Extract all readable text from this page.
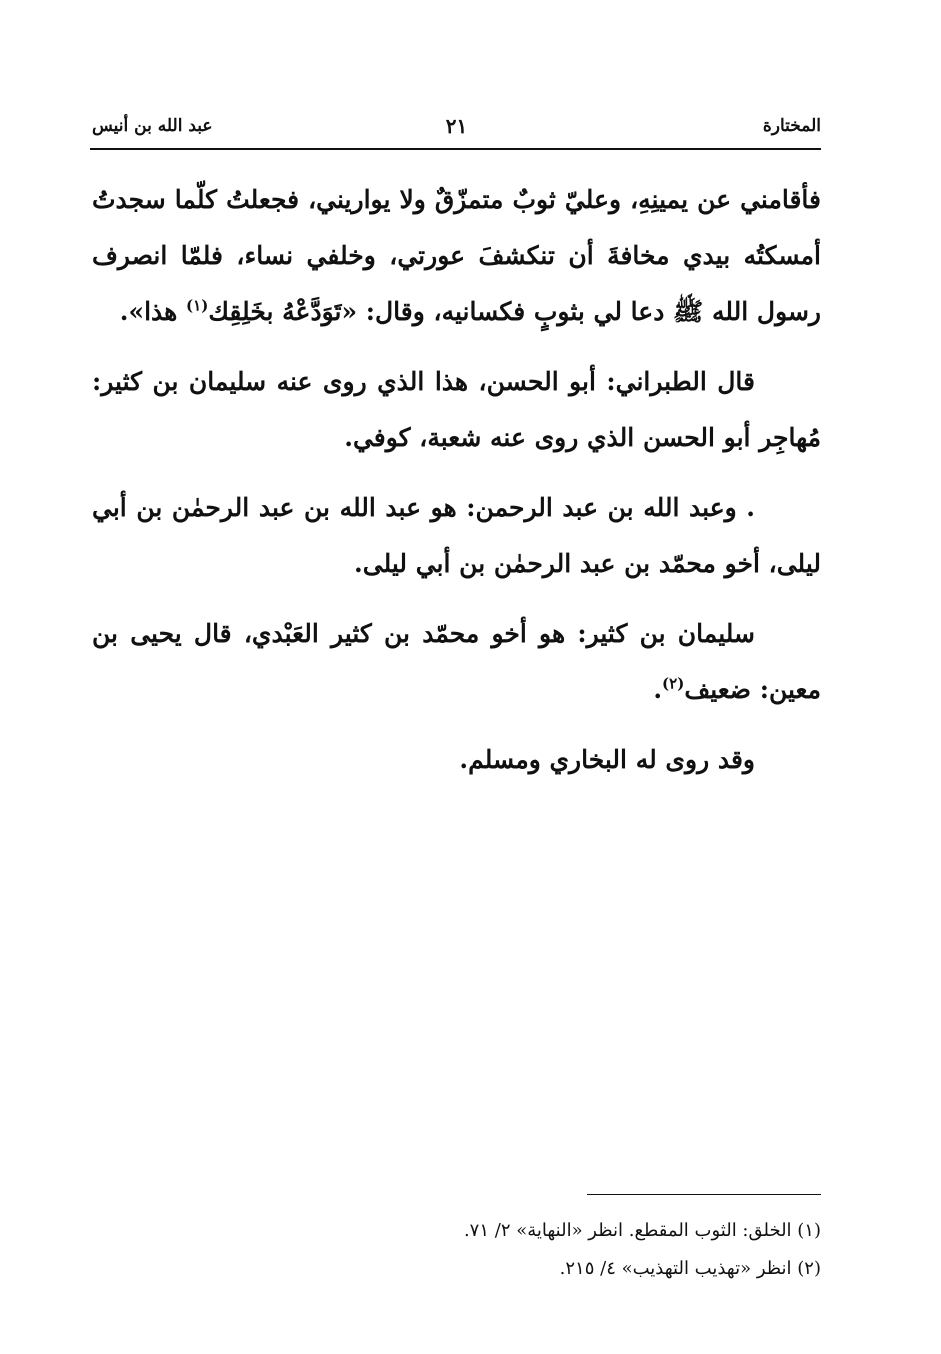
المختارة
٢١
عبد الله بن أنيس

فأقامني عن يمينِهِ، وعليّ ثوبٌ متمزّقٌ ولا يواريني، فجعلتُ كلّما سجدتُ أمسكتُه بيدي مخافةَ أن تنكشفَ عورتي، وخلفي نساء، فلمّا انصرف رسول الله ﷺ دعا لي بثوبٍ فكسانيه، وقال: «تَوَدَّعْهُ بخَلِقِك$^{(١)}$ هذا».

قال الطبراني: أبو الحسن، هذا الذي روى عنه سليمان بن كثير: مُهاجِر أبو الحسن الذي روى عنه شعبة، كوفي.

. وعبد الله بن عبد الرحمن: هو عبد الله بن عبد الرحمٰن بن أبي ليلى، أخو محمّد بن عبد الرحمٰن بن أبي ليلى.

سليمان بن كثير: هو أخو محمّد بن كثير العَبْدي، قال يحيى بن معين: ضعيف$^{(٢)}$.

وقد روى له البخاري ومسلم.

(١) الخلق: الثوب المقطع. انظر «النهاية» ٢/ ٧١.

(٢) انظر «تهذيب التهذيب» ٤/ ٢١٥.
